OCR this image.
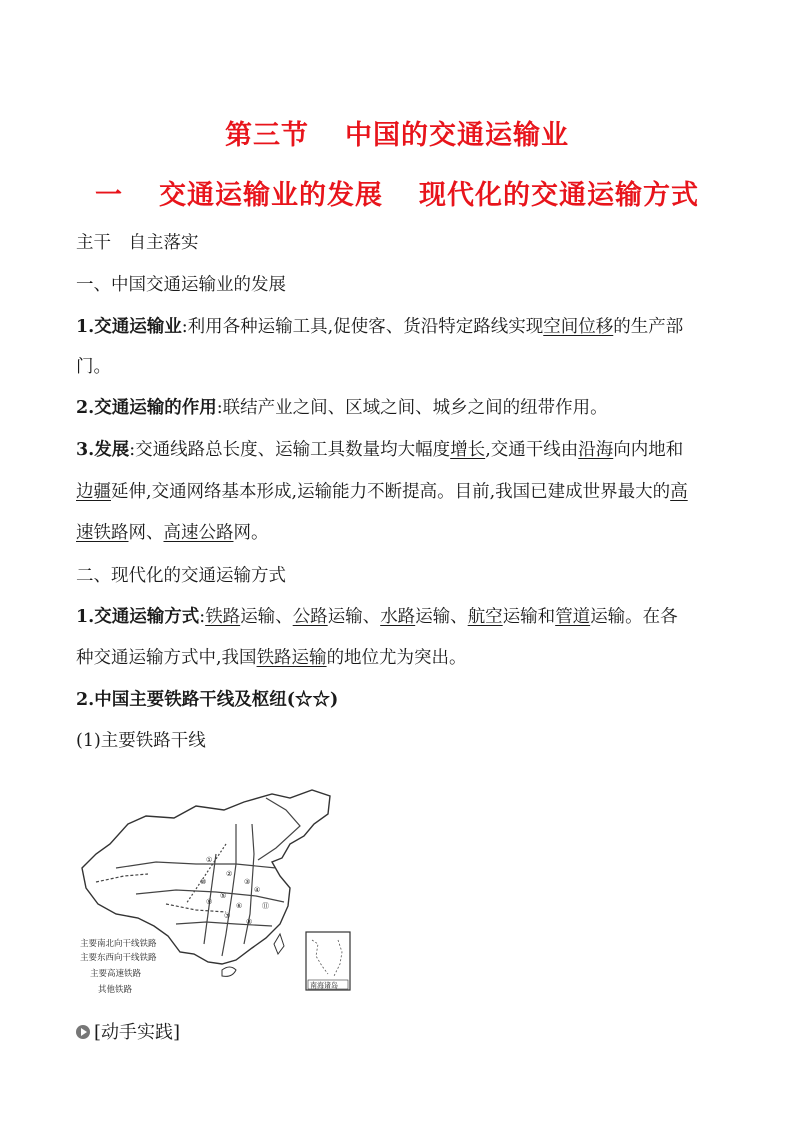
第三节 中国的交通运输业
一 交通运输业的发展 现代化的交通运输方式
主干　自主落实
一、中国交通运输业的发展
1.交通运输业:利用各种运输工具,促使客、货沿特定路线实现空间位移的生产部
门。
2.交通运输的作用:联结产业之间、区域之间、城乡之间的纽带作用。
3.发展:交通线路总长度、运输工具数量均大幅度增长,交通干线由沿海向内地和
边疆延伸,交通网络基本形成,运输能力不断提高。目前,我国已建成世界最大的高
速铁路网、高速公路网。
二、现代化的交通运输方式
1.交通运输方式:铁路运输、公路运输、水路运输、航空运输和管道运输。在各
种交通运输方式中,我国铁路运输的地位尤为突出。
2.中国主要铁路干线及枢纽(☆☆)
(1)主要铁路干线
①
②
③
④
⑤
⑥
⑦
⑧
⑨
⑩
⑪
主要南北向干线铁路
主要东西向干线铁路
主要高速铁路
其他铁路	南海诸岛
[动手实践]
